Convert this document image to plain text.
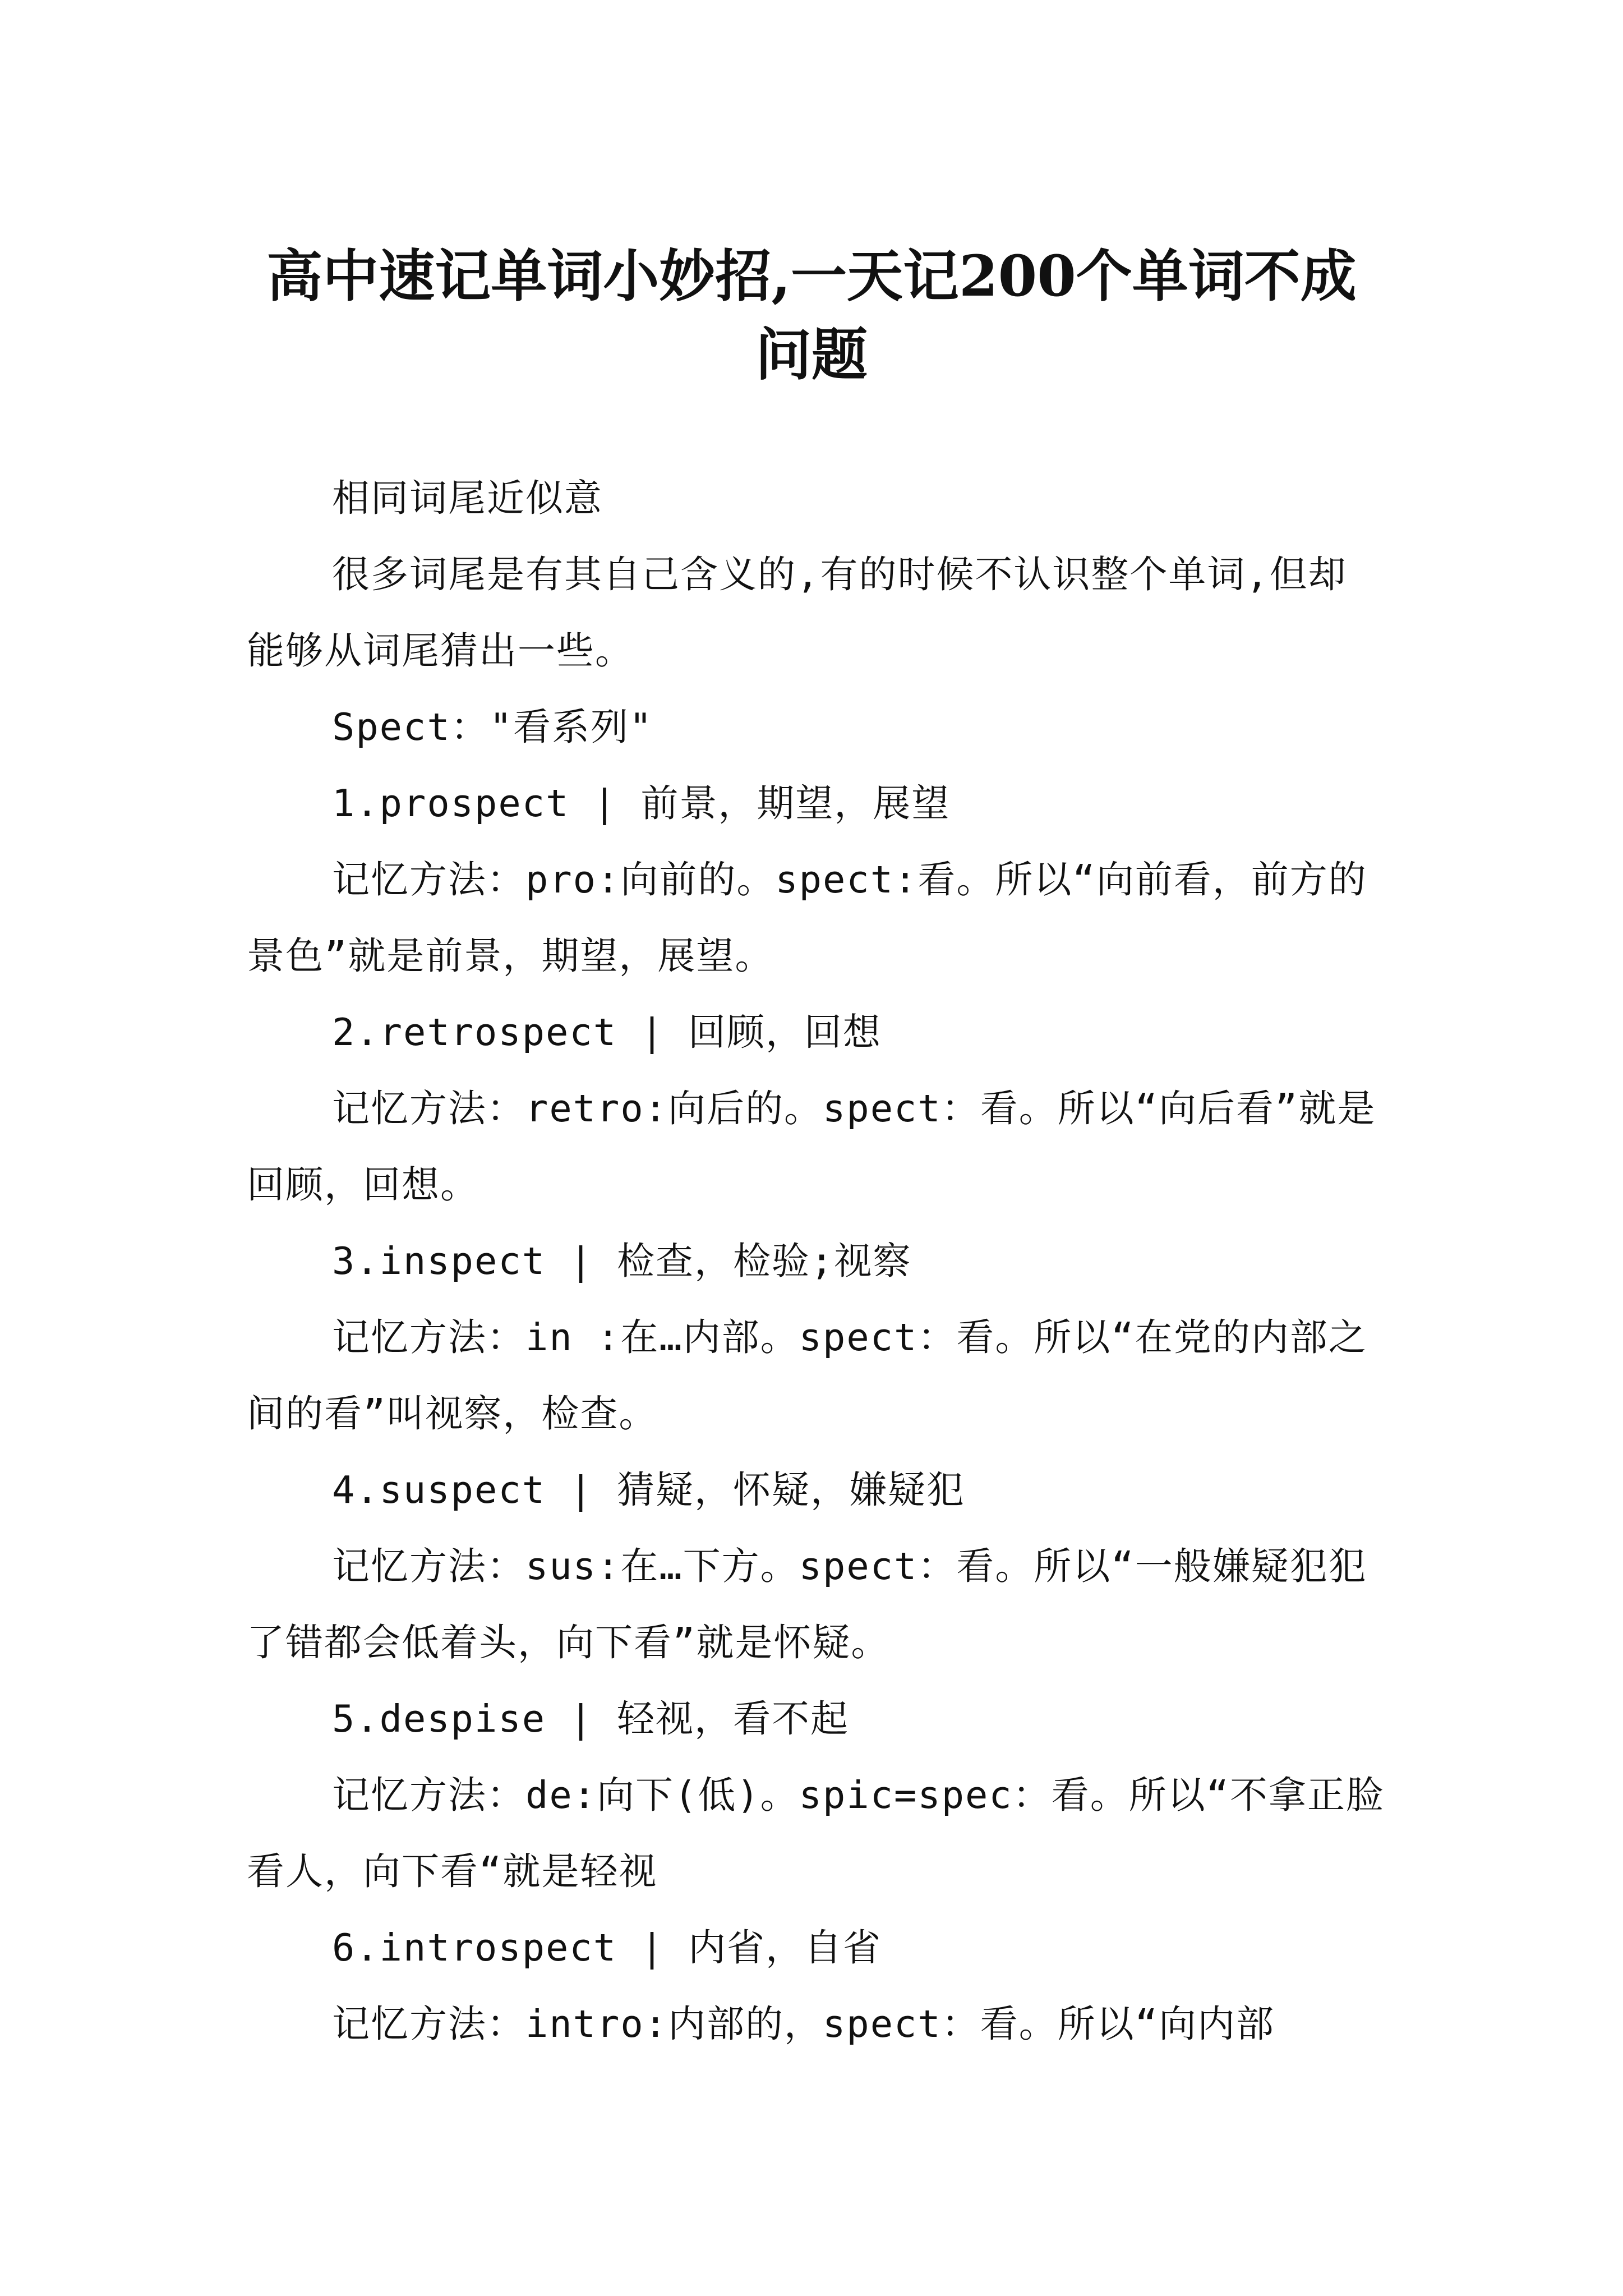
高中速记单词小妙招,一天记200个单词不成问题

相同词尾近似意

很多词尾是有其自己含义的,有的时候不认识整个单词,但却能够从词尾猜出一些。

Spect："看系列"

1.prospect | 前景，期望，展望

记忆方法：pro:向前的。spect:看。所以“向前看，前方的景色”就是前景，期望，展望。

2.retrospect | 回顾，回想

记忆方法：retro:向后的。spect：看。所以“向后看”就是回顾，回想。

3.inspect | 检查，检验;视察

记忆方法：in :在…内部。spect：看。所以“在党的内部之间的看”叫视察，检查。

4.suspect | 猜疑，怀疑，嫌疑犯

记忆方法：sus:在…下方。spect：看。所以“一般嫌疑犯犯了错都会低着头，向下看”就是怀疑。

5.despise | 轻视，看不起

记忆方法：de:向下(低)。spic=spec：看。所以“不拿正脸看人，向下看“就是轻视

6.introspect | 内省，自省

记忆方法：intro:内部的，spect：看。所以“向内部
